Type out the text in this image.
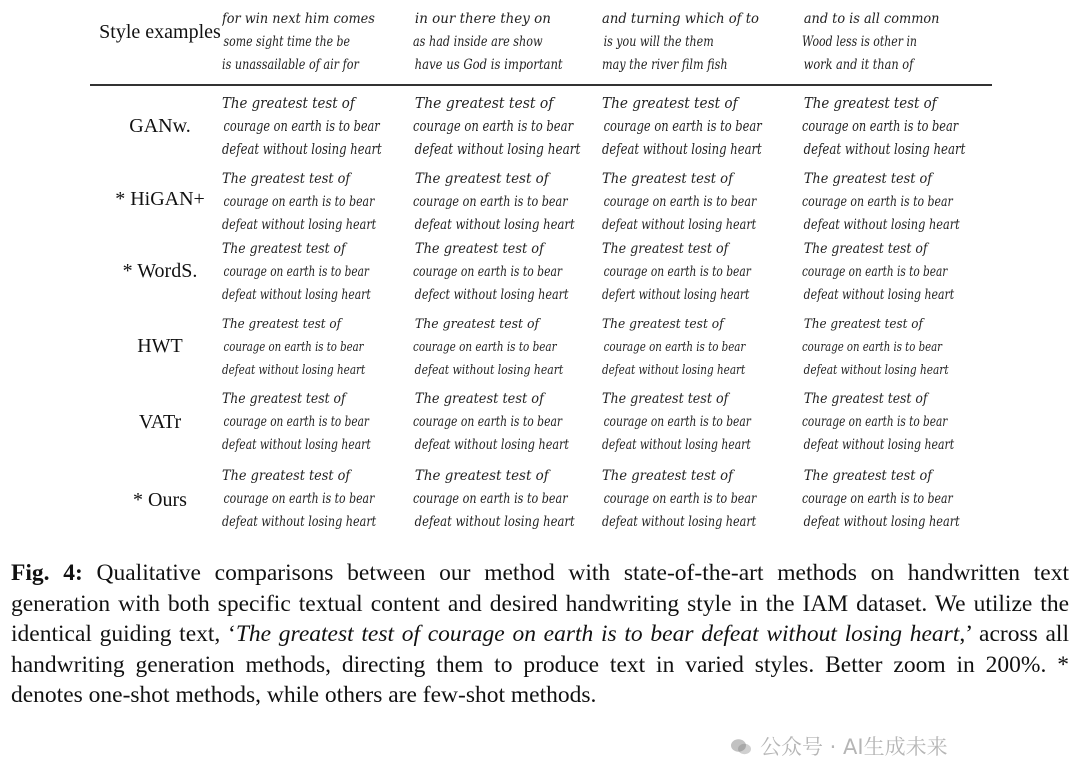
Style examples
for win next him comes
some sight time the be
is unassailable of air for
in our there they on
as had inside are show
have us God is important
and turning which of to
is you will the them
may the river film fish
and to is all common
Wood less is other in
work and it than of
GANw.
The greatest test of
courage on earth is to bear
defeat without losing heart
The greatest test of
courage on earth is to bear
defeat without losing heart
The greatest test of
courage on earth is to bear
defeat without losing heart
The greatest test of
courage on earth is to bear
defeat without losing heart
* HiGAN+
The greatest test of
courage on earth is to bear
defeat without losing heart
The greatest test of
courage on earth is to bear
defeat without losing heart
The greatest test of
courage on earth is to bear
defeat without losing heart
The greatest test of
courage on earth is to bear
defeat without losing heart
* WordS.
The greatest test of
courage on earth is to bear
defeat without losing heart
The greatest test of
courage on earth is to bear
defect without losing heart
The greatest test of
courage on earth is to bear
defert without losing heart
The greatest test of
courage on earth is to bear
defeat without losing heart
HWT
The greatest test of
courage on earth is to bear
defeat without losing heart
The greatest test of
courage on earth is to bear
defeat without losing heart
The greatest test of
courage on earth is to bear
defeat without losing heart
The greatest test of
courage on earth is to bear
defeat without losing heart
VATr
The greatest test of
courage on earth is to bear
defeat without losing heart
The greatest test of
courage on earth is to bear
defeat without losing heart
The greatest test of
courage on earth is to bear
defeat without losing heart
The greatest test of
courage on earth is to bear
defeat without losing heart
* Ours
The greatest test of
courage on earth is to bear
defeat without losing heart
The greatest test of
courage on earth is to bear
defeat without losing heart
The greatest test of
courage on earth is to bear
defeat without losing heart
The greatest test of
courage on earth is to bear
defeat without losing heart
Fig. 4: Qualitative comparisons between our method with state-of-the-art methods on handwritten text generation with both specific textual content and desired handwriting style in the IAM dataset. We utilize the identical guiding text, ‘The greatest test of courage on earth is to bear defeat without losing heart,’ across all handwriting generation methods, directing them to produce text in varied styles. Better zoom in 200%. * denotes one-shot methods, while others are few-shot methods.
公众号 · AI生成未来
